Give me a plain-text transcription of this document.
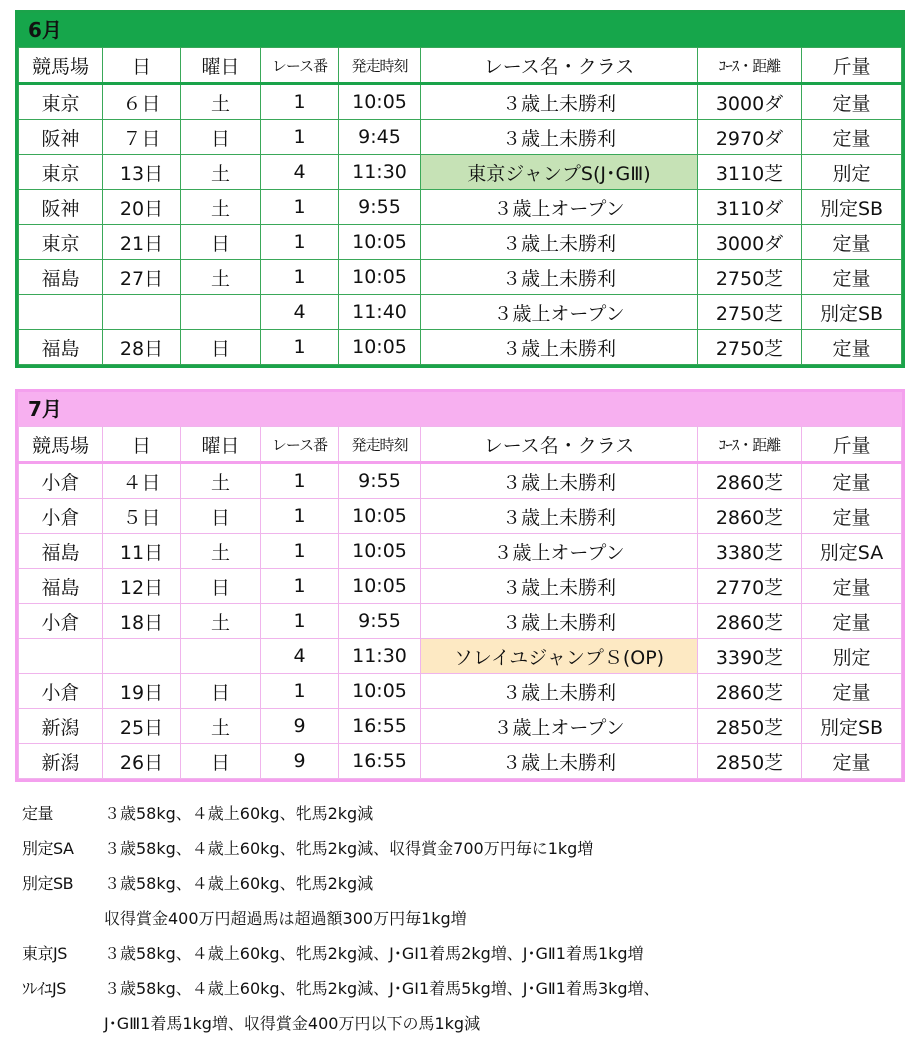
6月
競馬場	日	曜日	レース番	発走時刻	レース名・クラス	ｺｰｽ・距離	斤量
東京	６日	土	1	10:05	３歳上未勝利	3000ダ	定量
阪神	７日	日	1	9:45	３歳上未勝利	2970ダ	定量
東京	13日	土	4	11:30	東京ジャンプS(J･GⅢ)	3110芝	別定
阪神	20日	土	1	9:55	３歳上オープン	3110ダ	別定SB
東京	21日	日	1	10:05	３歳上未勝利	3000ダ	定量
福島	27日	土	1	10:05	３歳上未勝利	2750芝	定量
			4	11:40	３歳上オープン	2750芝	別定SB
福島	28日	日	1	10:05	３歳上未勝利	2750芝	定量
7月
競馬場	日	曜日	レース番	発走時刻	レース名・クラス	ｺｰｽ・距離	斤量
小倉	４日	土	1	9:55	３歳上未勝利	2860芝	定量
小倉	５日	日	1	10:05	３歳上未勝利	2860芝	定量
福島	11日	土	1	10:05	３歳上オープン	3380芝	別定SA
福島	12日	日	1	10:05	３歳上未勝利	2770芝	定量
小倉	18日	土	1	9:55	３歳上未勝利	2860芝	定量
			4	11:30	ソレイユジャンプＳ(OP)	3390芝	別定
小倉	19日	日	1	10:05	３歳上未勝利	2860芝	定量
新潟	25日	土	9	16:55	３歳上オープン	2850芝	別定SB
新潟	26日	日	9	16:55	３歳上未勝利	2850芝	定量
定量	３歳58kg、４歳上60kg、牝馬2kg減
別定SA ３歳58kg、４歳上60kg、牝馬2kg減、収得賞金700万円毎に1kg増
別定SB ３歳58kg、４歳上60kg、牝馬2kg減
収得賞金400万円超過馬は超過額300万円毎1kg増
東京JS ３歳58kg、４歳上60kg、牝馬2kg減、J･GⅠ1着馬2kg増、J･GⅡ1着馬1kg増
ｿﾚｲﾕJS ３歳58kg、４歳上60kg、牝馬2kg減、J･GⅠ1着馬5kg増、J･GⅡ1着馬3kg増、
J･GⅢ1着馬1kg増、収得賞金400万円以下の馬1kg減
